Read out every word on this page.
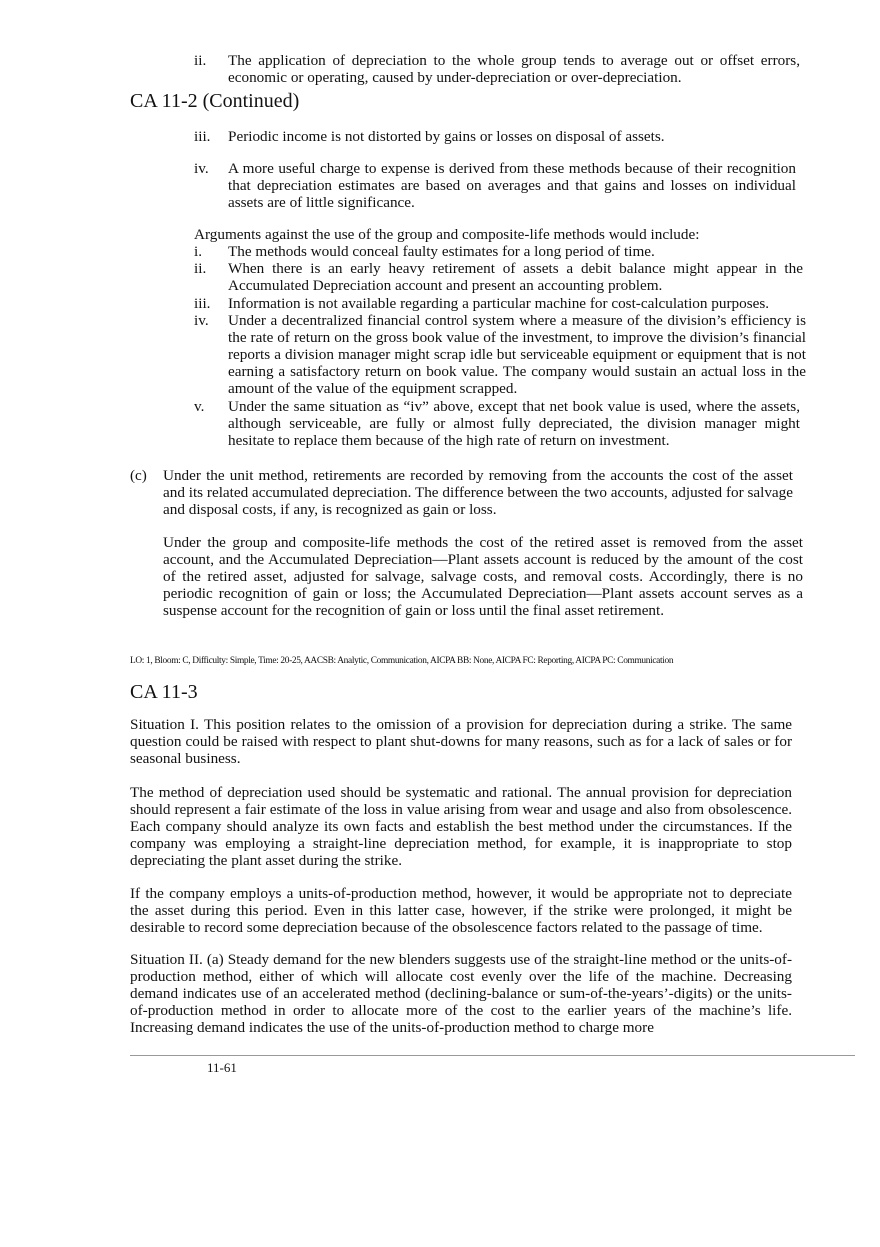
ii. The application of depreciation to the whole group tends to average out or offset errors, economic or operating, caused by under-depreciation or over-depreciation.

CA 11-2 (Continued)
iii. Periodic income is not distorted by gains or losses on disposal of assets.

iv. A more useful charge to expense is derived from these methods because of their recognition that depreciation estimates are based on averages and that gains and losses on individual assets are of little significance.

Arguments against the use of the group and composite-life methods would include:

i. The methods would conceal faulty estimates for a long period of time.

ii. When there is an early heavy retirement of assets a debit balance might appear in the Accumulated Depreciation account and present an accounting problem.

iii. Information is not available regarding a particular machine for cost-calculation purposes.

iv. Under a decentralized financial control system where a measure of the division’s efficiency is the rate of return on the gross book value of the investment, to improve the division’s financial reports a division manager might scrap idle but serviceable equipment or equipment that is not earning a satisfactory return on book value. The company would sustain an actual loss in the amount of the value of the equipment scrapped.

v. Under the same situation as “iv” above, except that net book value is used, where the assets, although serviceable, are fully or almost fully depreciated, the division manager might hesitate to replace them because of the high rate of return on investment.

(c) Under the unit method, retirements are recorded by removing from the accounts the cost of the asset and its related accumulated depreciation. The difference between the two accounts, adjusted for salvage and disposal costs, if any, is recognized as gain or loss.

Under the group and composite-life methods the cost of the retired asset is removed from the asset account, and the Accumulated Depreciation—Plant assets account is reduced by the amount of the cost of the retired asset, adjusted for salvage, salvage costs, and removal costs. Accordingly, there is no periodic recognition of gain or loss; the Accumulated Depreciation—Plant assets account serves as a suspense account for the recognition of gain or loss until the final asset retirement.

LO: 1, Bloom: C, Difficulty: Simple, Time: 20-25, AACSB: Analytic, Communication, AICPA BB: None, AICPA FC: Reporting, AICPA PC: Communication
CA 11-3

Situation I. This position relates to the omission of a provision for depreciation during a strike. The same question could be raised with respect to plant shut-downs for many reasons, such as for a lack of sales or for seasonal business.

The method of depreciation used should be systematic and rational. The annual provision for depreciation should represent a fair estimate of the loss in value arising from wear and usage and also from obsolescence. Each company should analyze its own facts and establish the best method under the circumstances. If the company was employing a straight-line depreciation method, for example, it is inappropriate to stop depreciating the plant asset during the strike.

If the company employs a units-of-production method, however, it would be appropriate not to depreciate the asset during this period. Even in this latter case, however, if the strike were prolonged, it might be desirable to record some depreciation because of the obsolescence factors related to the passage of time.

Situation II. (a) Steady demand for the new blenders suggests use of the straight-line method or the units-of-production method, either of which will allocate cost evenly over the life of the machine. Decreasing demand indicates use of an accelerated method (declining-balance or sum-of-the-years’-digits) or the units-of-production method in order to allocate more of the cost to the earlier years of the machine’s life. Increasing demand indicates the use of the units-of-production method to charge more

11-61
